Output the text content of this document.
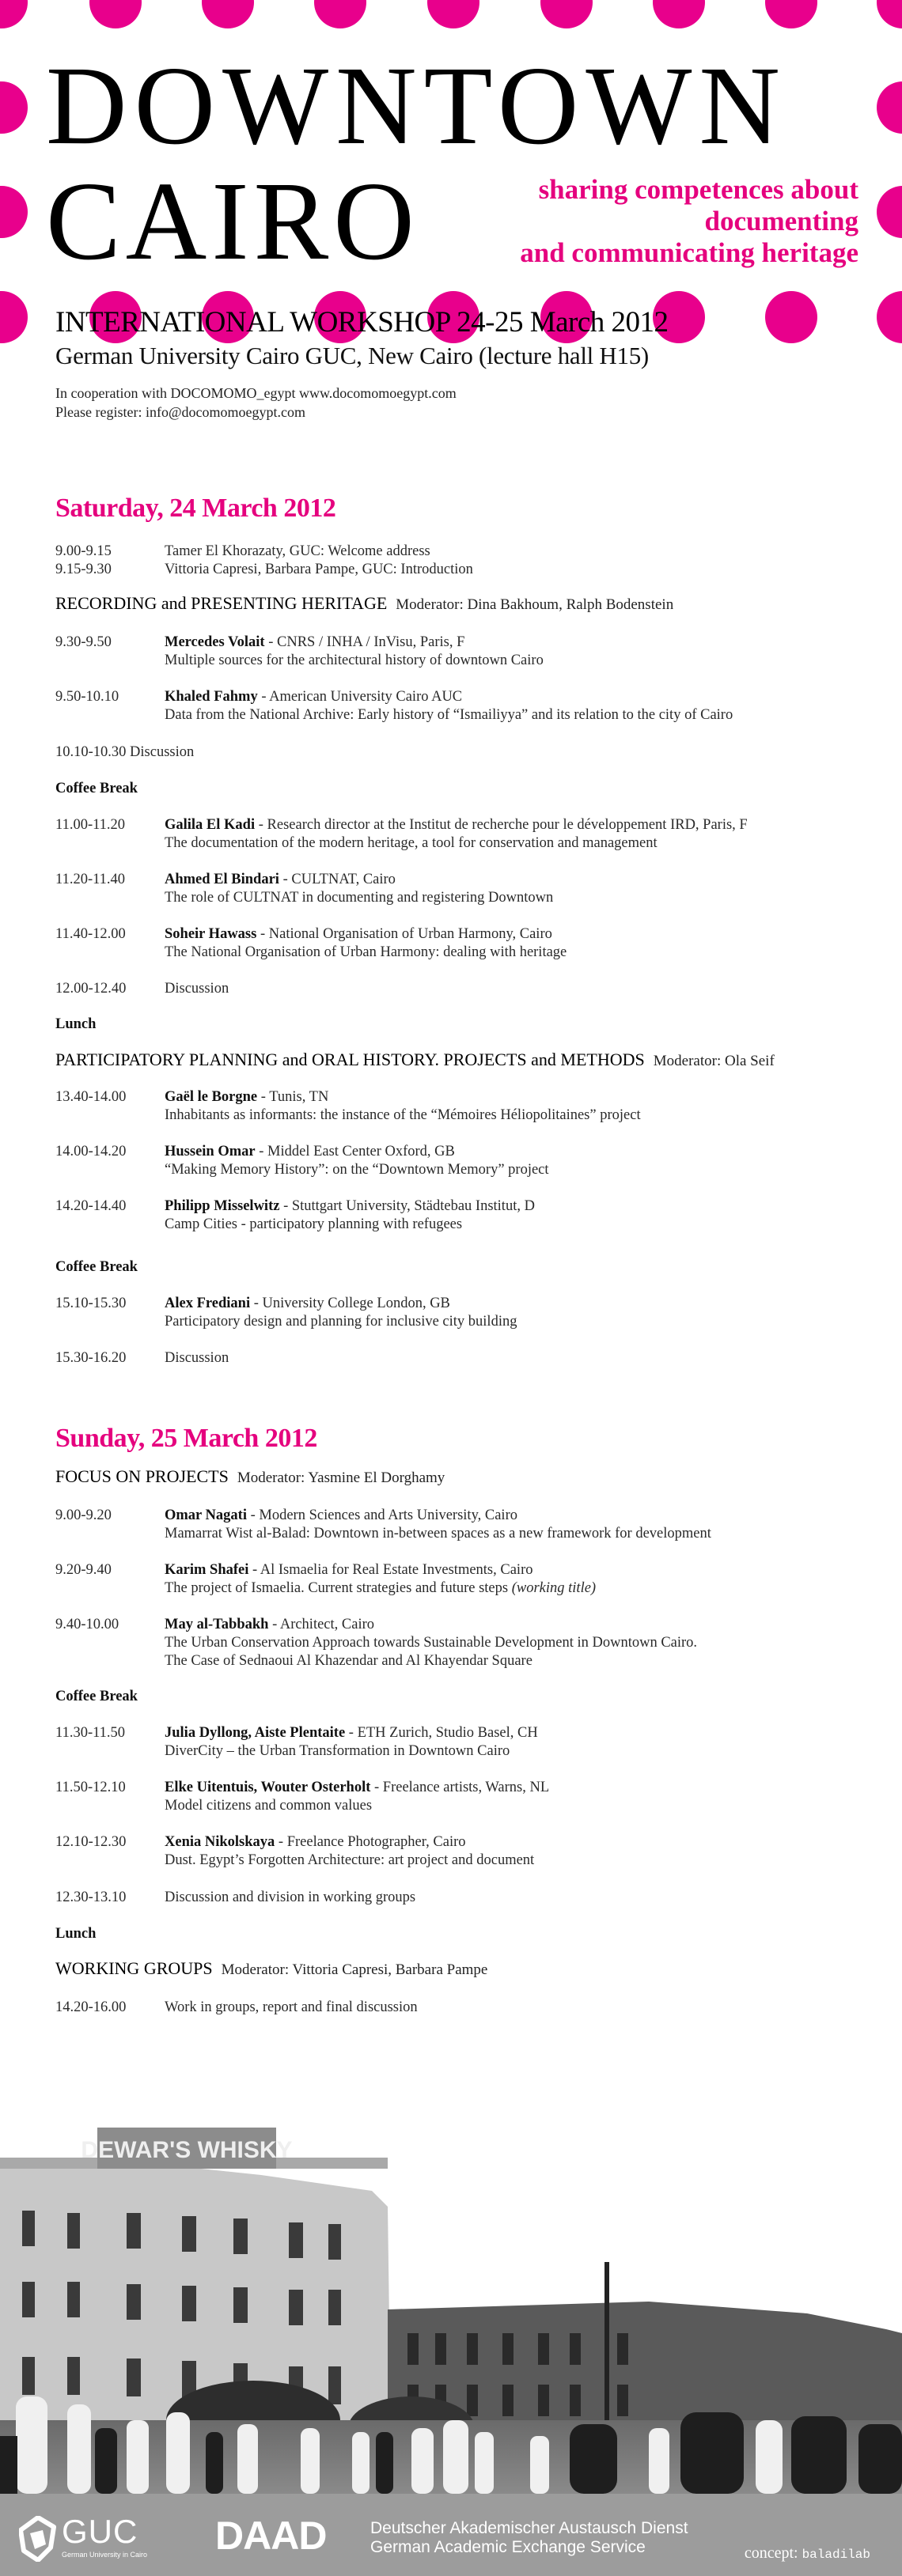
DOWNTOWN
CAIRO	sharing competences about
documenting
and communicating heritage
INTERNATIONAL WORKSHOP 24-25 March 2012
German University Cairo GUC, New Cairo (lecture hall H15)
In cooperation with DOCOMOMO_egypt www.docomomoegypt.com
Please register: info@docomomoegypt.com
Saturday, 24 March 2012
9.00-9.15	Tamer El Khorazaty, GUC: Welcome address
9.15-9.30	Vittoria Capresi, Barbara Pampe, GUC: Introduction
RECORDING and PRESENTING HERITAGE Moderator: Dina Bakhoum, Ralph Bodenstein
9.30-9.50	Mercedes Volait - CNRS / INHA / InVisu, Paris, F
Multiple sources for the architectural history of downtown Cairo
9.50-10.10	Khaled Fahmy - American University Cairo AUC
Data from the National Archive: Early history of “Ismailiyya” and its relation to the city of Cairo
10.10-10.30 Discussion
Coffee Break
11.00-11.20	Galila El Kadi - Research director at the Institut de recherche pour le développement IRD, Paris, F
The documentation of the modern heritage, a tool for conservation and management
11.20-11.40	Ahmed El Bindari - CULTNAT, Cairo
The role of CULTNAT in documenting and registering Downtown
11.40-12.00	Soheir Hawass - National Organisation of Urban Harmony, Cairo
The National Organisation of Urban Harmony: dealing with heritage
12.00-12.40	Discussion
Lunch
PARTICIPATORY PLANNING and ORAL HISTORY. PROJECTS and METHODS Moderator: Ola Seif
13.40-14.00	Gaël le Borgne - Tunis, TN
Inhabitants as informants: the instance of the “Mémoires Héliopolitaines” project
14.00-14.20	Hussein Omar - Middel East Center Oxford, GB
“Making Memory History”: on the “Downtown Memory” project
14.20-14.40	Philipp Misselwitz - Stuttgart University, Städtebau Institut, D
Camp Cities - participatory planning with refugees
Coffee Break
15.10-15.30	Alex Frediani - University College London, GB
Participatory design and planning for inclusive city building
15.30-16.20	Discussion
Sunday, 25 March 2012
FOCUS ON PROJECTS Moderator: Yasmine El Dorghamy
9.00-9.20	Omar Nagati - Modern Sciences and Arts University, Cairo
Mamarrat Wist al-Balad: Downtown in-between spaces as a new framework for development
9.20-9.40	Karim Shafei - Al Ismaelia for Real Estate Investments, Cairo
The project of Ismaelia. Current strategies and future steps (working title)
9.40-10.00	May al-Tabbakh - Architect, Cairo
The Urban Conservation Approach towards Sustainable Development in Downtown Cairo.
The Case of Sednaoui Al Khazendar and Al Khayendar Square
Coffee Break
11.30-11.50	Julia Dyllong, Aiste Plentaite - ETH Zurich, Studio Basel, CH
DiverCity – the Urban Transformation in Downtown Cairo
11.50-12.10	Elke Uitentuis, Wouter Osterholt - Freelance artists, Warns, NL
Model citizens and common values
12.10-12.30	Xenia Nikolskaya - Freelance Photographer, Cairo
Dust. Egypt’s Forgotten Architecture: art project and document
12.30-13.10	Discussion and division in working groups
Lunch
WORKING GROUPS Moderator: Vittoria Capresi, Barbara Pampe
14.20-16.00	Work in groups, report and final discussion
DEWAR'S WHISKY
GUC
German University in Cairo DAAD	Deutscher Akademischer Austausch Dienst
German Academic Exchange Service	concept: baladilab
